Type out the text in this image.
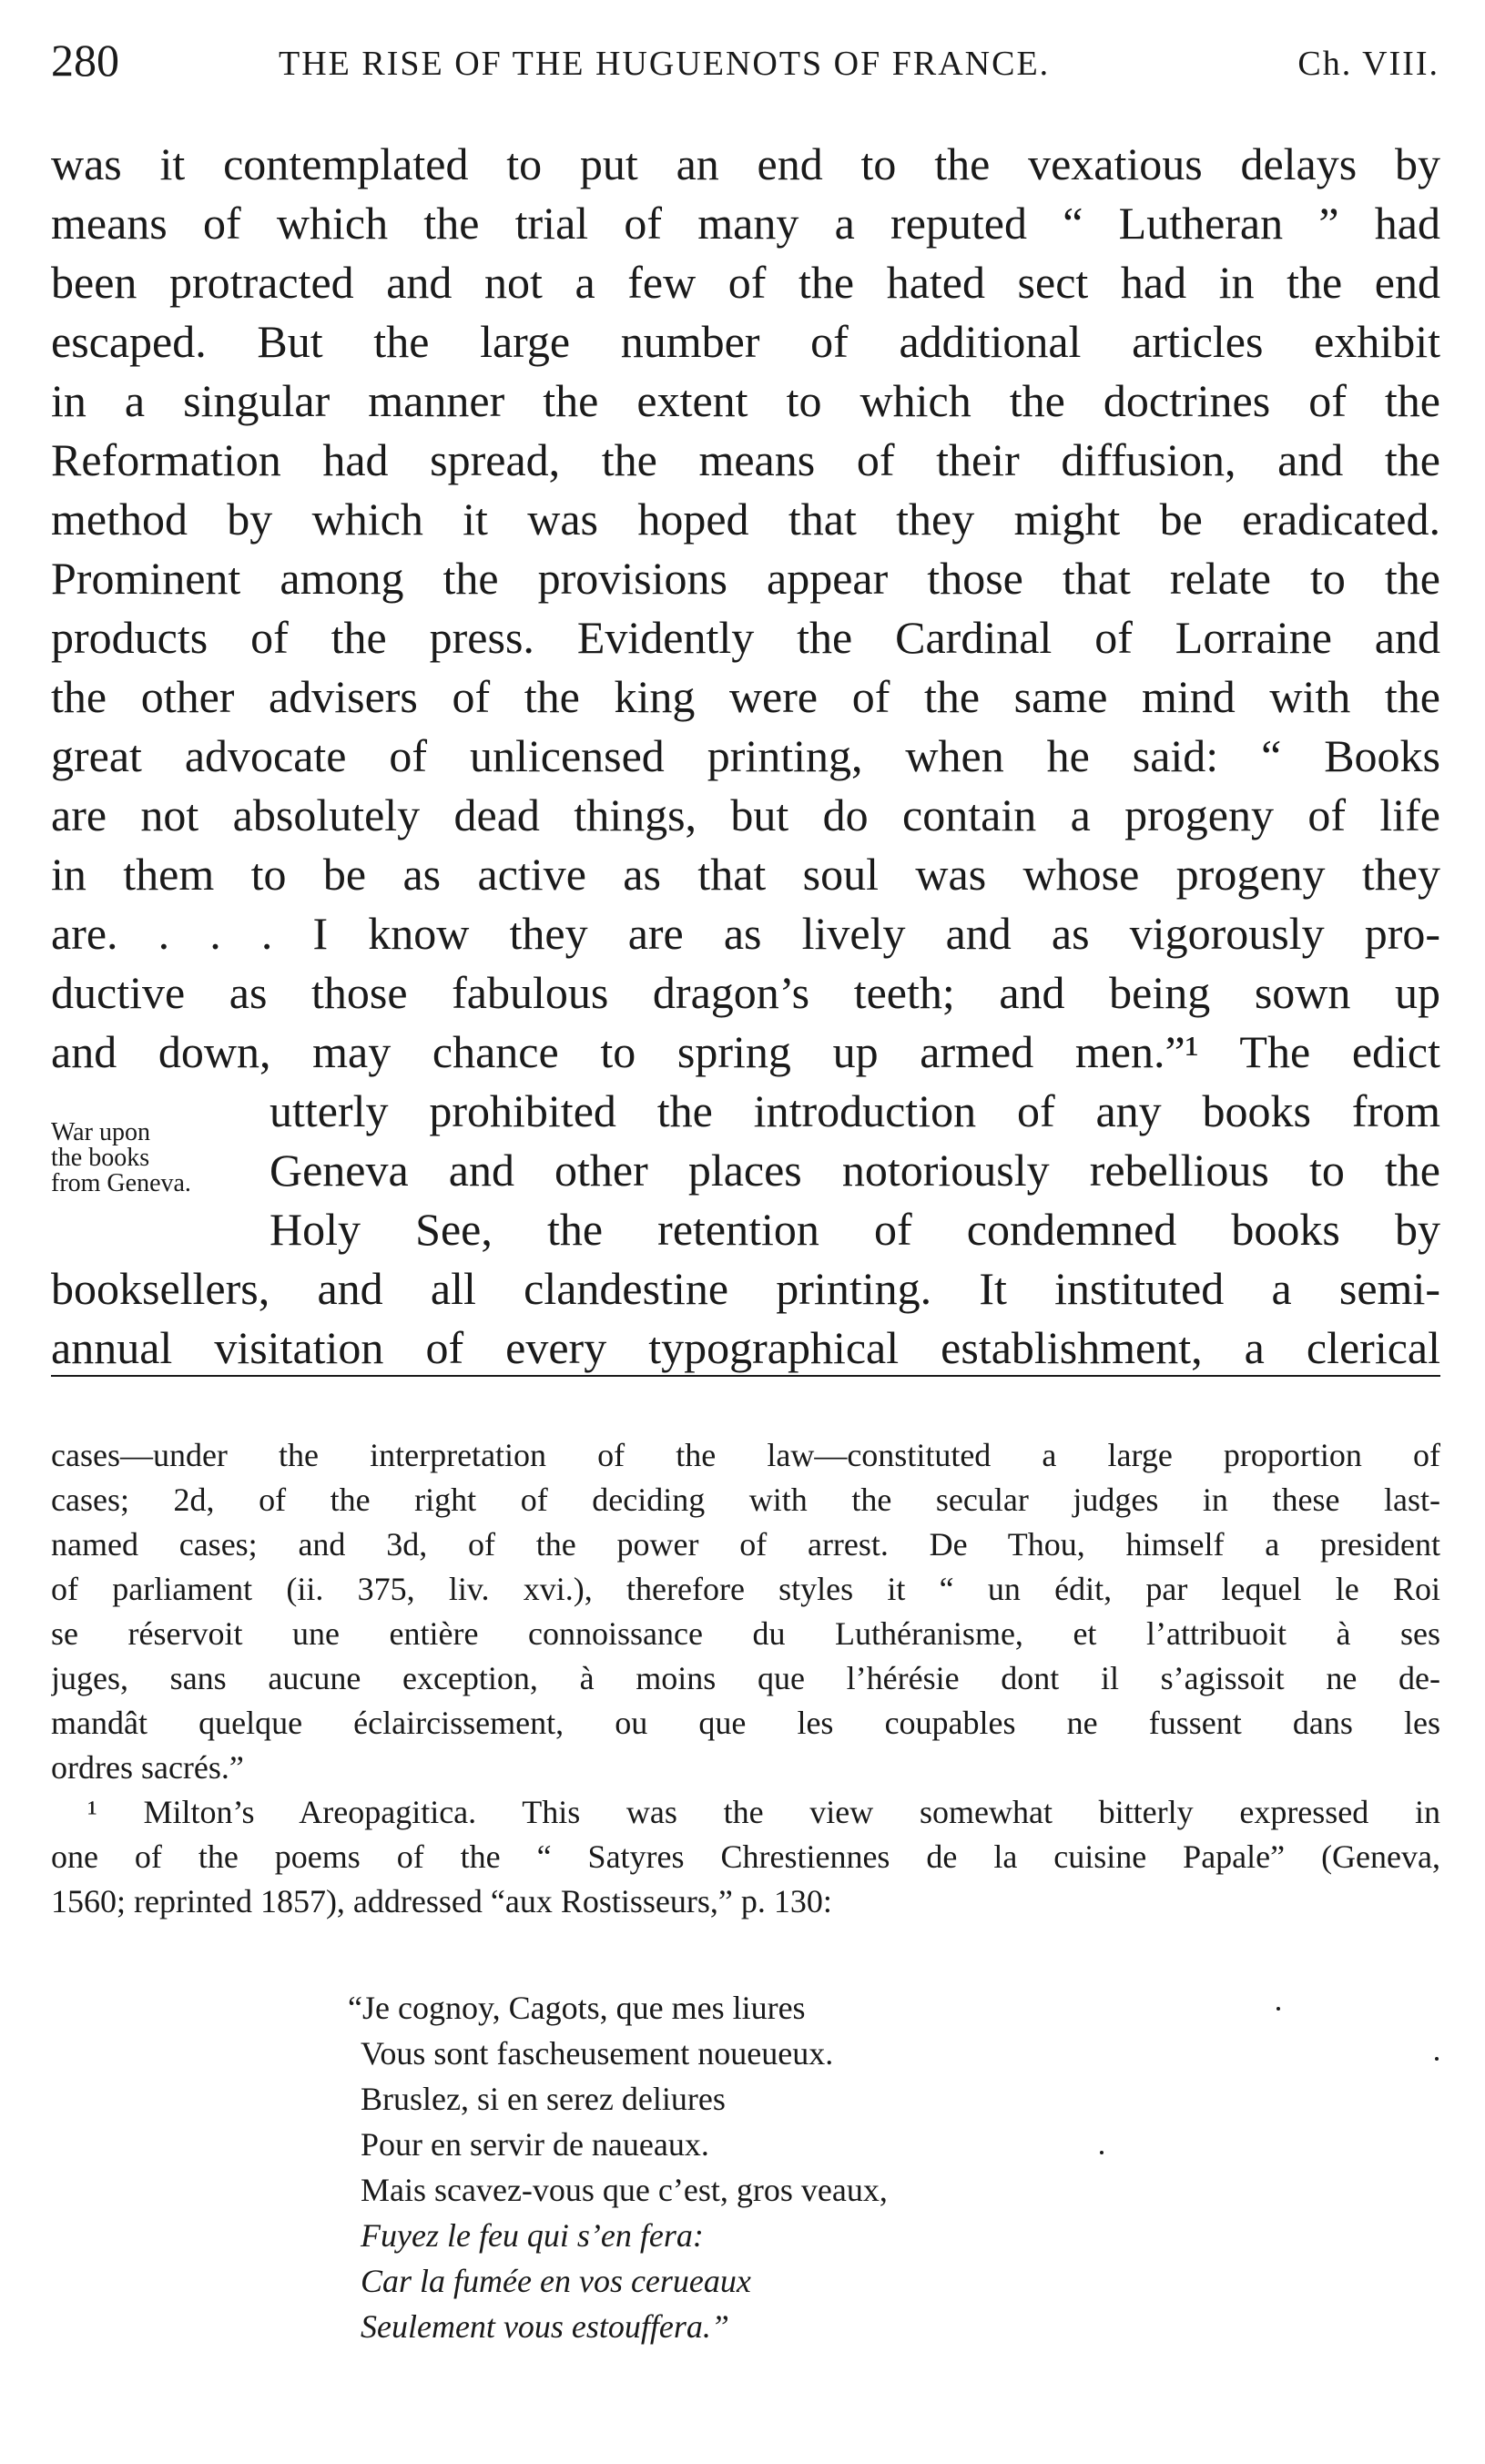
280	THE RISE OF THE HUGUENOTS OF FRANCE.	Ch. VIII.
was it contemplated to put an end to the vexatious delays by
means of which the trial of many a reputed “ Lutheran ” had
been protracted and not a few of the hated sect had in the end
escaped. But the large number of additional articles exhibit
in a singular manner the extent to which the doctrines of the
Reformation had spread, the means of their diffusion, and the
method by which it was hoped that they might be eradicated.
Prominent among the provisions appear those that relate to the
products of the press. Evidently the Cardinal of Lorraine and
the other advisers of the king were of the same mind with the
great advocate of unlicensed printing, when he said: “ Books
are not absolutely dead things, but do contain a progeny of life
in them to be as active as that soul was whose progeny they
are. . . . I know they are as lively and as vigorously pro-
ductive as those fabulous dragon’s teeth; and being sown up
and down, may chance to spring up armed men.”¹ The edict
utterly prohibited the introduction of any books from
Geneva and other places notoriously rebellious to the
Holy See, the retention of condemned books by
booksellers, and all clandestine printing. It instituted a semi-
annual visitation of every typographical establishment, a clerical
War upon
the books
from Geneva.
cases—under the interpretation of the law—constituted a large proportion of
cases; 2d, of the right of deciding with the secular judges in these last-
named cases; and 3d, of the power of arrest. De Thou, himself a president
of parliament (ii. 375, liv. xvi.), therefore styles it “ un édit, par lequel le Roi
se réservoit une entière connoissance du Luthéranisme, et l’attribuoit à ses
juges, sans aucune exception, à moins que l’hérésie dont il s’agissoit ne de-
mandât quelque éclaircissement, ou que les coupables ne fussent dans les
ordres sacrés.”
¹ Milton’s Areopagitica. This was the view somewhat bitterly expressed in
one of the poems of the “ Satyres Chrestiennes de la cuisine Papale” (Geneva,
1560; reprinted 1857), addressed “aux Rostisseurs,” p. 130:
“Je cognoy, Cagots, que mes liures
Vous sont fascheusement noueueux.
Bruslez, si en serez deliures
Pour en servir de naueaux.
Mais scavez-vous que c’est, gros veaux,
Fuyez le feu qui s’en fera:
Car la fumée en vos cerueaux
Seulement vous estouffera.”
